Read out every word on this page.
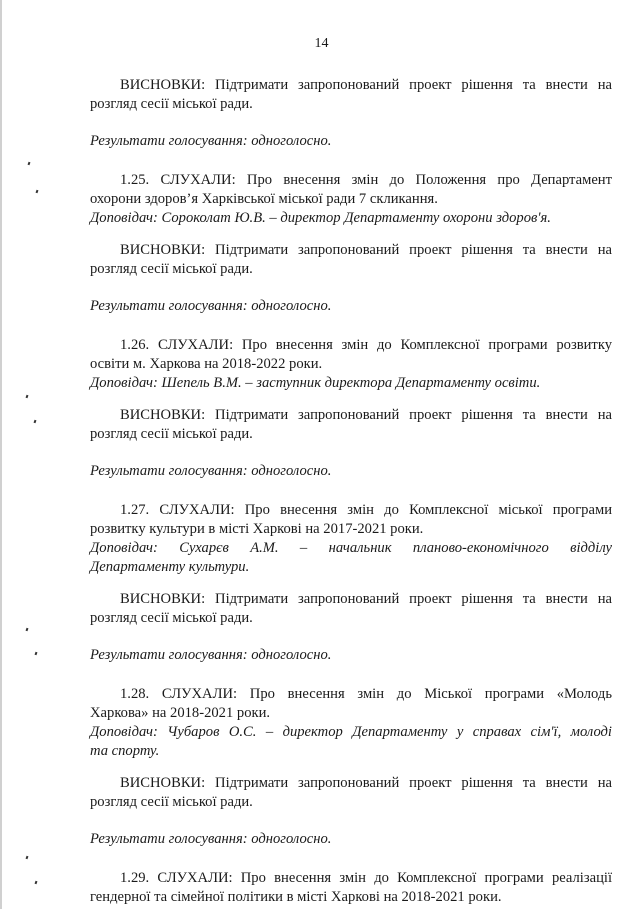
14
ВИСНОВКИ: Підтримати запропонований проект рішення та внести на
розгляд сесії міської ради.
Результати голосування: одноголосно.
1.25. СЛУХАЛИ: Про внесення змін до Положення про Департамент
охорони здоров’я Харківської міської ради 7 скликання.
Доповідач: Сороколат Ю.В. – директор Департаменту охорони здоров'я.
ВИСНОВКИ: Підтримати запропонований проект рішення та внести на
розгляд сесії міської ради.
Результати голосування: одноголосно.
1.26. СЛУХАЛИ: Про внесення змін до Комплексної програми розвитку
освіти м. Харкова на 2018-2022 роки.
Доповідач: Шепель В.М. – заступник директора Департаменту освіти.
ВИСНОВКИ: Підтримати запропонований проект рішення та внести на
розгляд сесії міської ради.
Результати голосування: одноголосно.
1.27. СЛУХАЛИ: Про внесення змін до Комплексної міської програми
розвитку культури в місті Харкові на 2017-2021 роки.
Доповідач: Сухарєв А.М. – начальник планово-економічного відділу
Департаменту культури.
ВИСНОВКИ: Підтримати запропонований проект рішення та внести на
розгляд сесії міської ради.
Результати голосування: одноголосно.
1.28. СЛУХАЛИ: Про внесення змін до Міської програми «Молодь
Харкова» на 2018-2021 роки.
Доповідач: Чубаров О.С. – директор Департаменту у справах сім'ї, молоді
та спорту.
ВИСНОВКИ: Підтримати запропонований проект рішення та внести на
розгляд сесії міської ради.
Результати голосування: одноголосно.
1.29. СЛУХАЛИ: Про внесення змін до Комплексної програми реалізації
гендерної та сімейної політики в місті Харкові на 2018-2021 роки.
